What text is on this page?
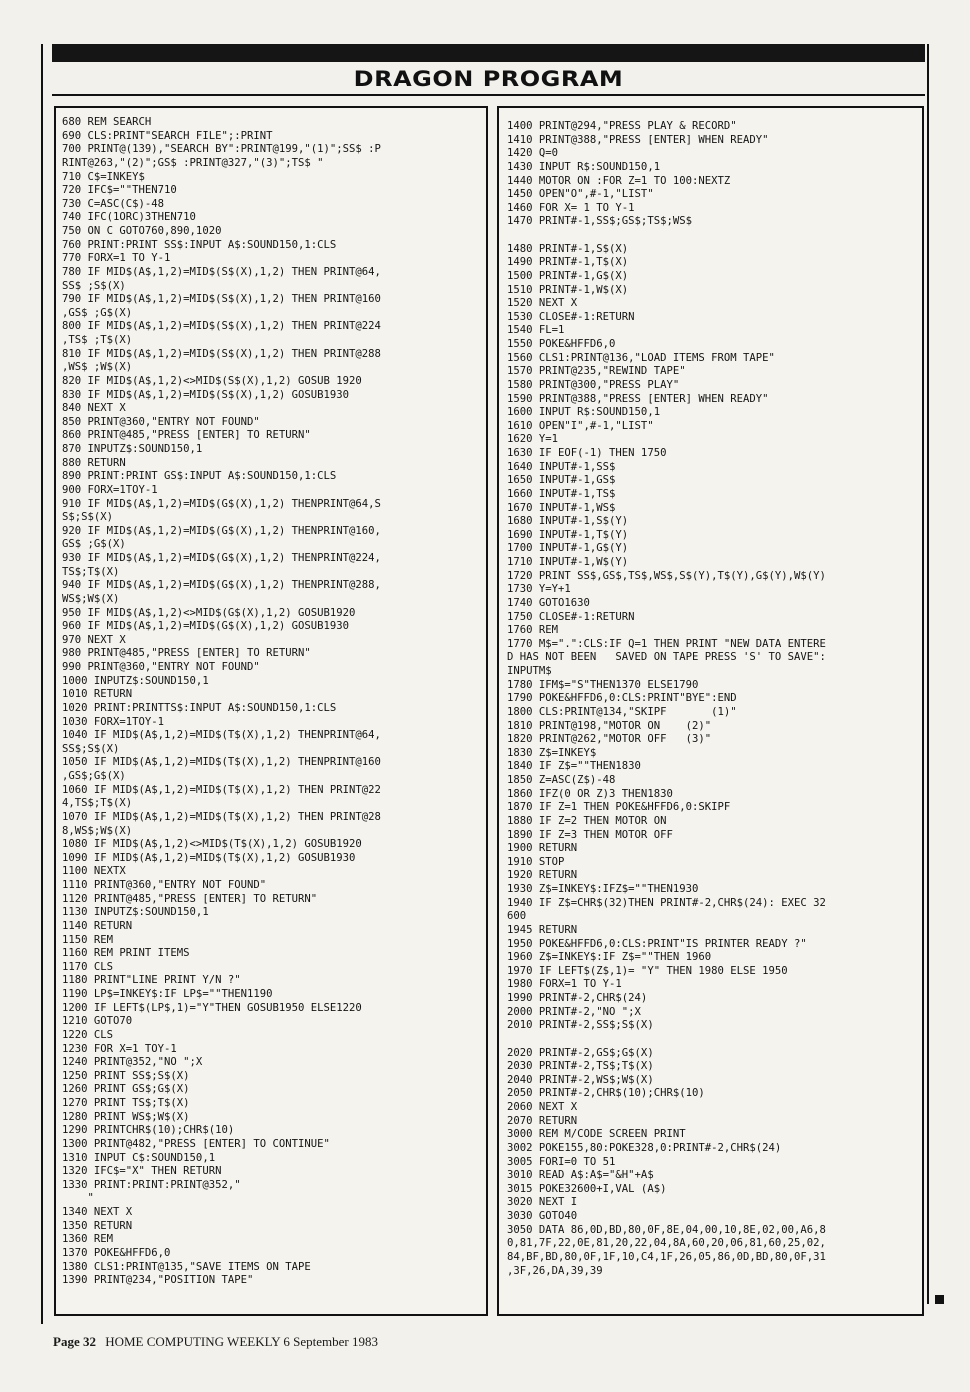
DRAGON PROGRAM
680 REM SEARCH
690 CLS:PRINT"SEARCH FILE";:PRINT
700 PRINT@(139),"SEARCH BY":PRINT@199,"(1)";SS$ :P
RINT@263,"(2)";GS$ :PRINT@327,"(3)";TS$ "
710 C$=INKEY$
720 IFC$=""THEN710
730 C=ASC(C$)-48
740 IFC(1ORC)3THEN710
750 ON C GOTO760,890,1020
760 PRINT:PRINT SS$:INPUT A$:SOUND150,1:CLS
770 FORX=1 TO Y-1
780 IF MID$(A$,1,2)=MID$(S$(X),1,2) THEN PRINT@64,
SS$ ;S$(X)
790 IF MID$(A$,1,2)=MID$(S$(X),1,2) THEN PRINT@160
,GS$ ;G$(X)
800 IF MID$(A$,1,2)=MID$(S$(X),1,2) THEN PRINT@224
,TS$ ;T$(X)
810 IF MID$(A$,1,2)=MID$(S$(X),1,2) THEN PRINT@288
,WS$ ;W$(X)
820 IF MID$(A$,1,2)<>MID$(S$(X),1,2) GOSUB 1920
830 IF MID$(A$,1,2)=MID$(S$(X),1,2) GOSUB1930
840 NEXT X
850 PRINT@360,"ENTRY NOT FOUND"
860 PRINT@485,"PRESS [ENTER] TO RETURN"
870 INPUTZ$:SOUND150,1
880 RETURN
890 PRINT:PRINT GS$:INPUT A$:SOUND150,1:CLS
900 FORX=1TOY-1
910 IF MID$(A$,1,2)=MID$(G$(X),1,2) THENPRINT@64,S
S$;S$(X)
920 IF MID$(A$,1,2)=MID$(G$(X),1,2) THENPRINT@160,
GS$ ;G$(X)
930 IF MID$(A$,1,2)=MID$(G$(X),1,2) THENPRINT@224,
TS$;T$(X)
940 IF MID$(A$,1,2)=MID$(G$(X),1,2) THENPRINT@288,
WS$;W$(X)
950 IF MID$(A$,1,2)<>MID$(G$(X),1,2) GOSUB1920
960 IF MID$(A$,1,2)=MID$(G$(X),1,2) GOSUB1930
970 NEXT X
980 PRINT@485,"PRESS [ENTER] TO RETURN"
990 PRINT@360,"ENTRY NOT FOUND"
1000 INPUTZ$:SOUND150,1
1010 RETURN
1020 PRINT:PRINTTS$:INPUT A$:SOUND150,1:CLS
1030 FORX=1TOY-1
1040 IF MID$(A$,1,2)=MID$(T$(X),1,2) THENPRINT@64,
SS$;S$(X)
1050 IF MID$(A$,1,2)=MID$(T$(X),1,2) THENPRINT@160
,GS$;G$(X)
1060 IF MID$(A$,1,2)=MID$(T$(X),1,2) THEN PRINT@22
4,TS$;T$(X)
1070 IF MID$(A$,1,2)=MID$(T$(X),1,2) THEN PRINT@28
8,WS$;W$(X)
1080 IF MID$(A$,1,2)<>MID$(T$(X),1,2) GOSUB1920
1090 IF MID$(A$,1,2)=MID$(T$(X),1,2) GOSUB1930
1100 NEXTX
1110 PRINT@360,"ENTRY NOT FOUND"
1120 PRINT@485,"PRESS [ENTER] TO RETURN"
1130 INPUTZ$:SOUND150,1
1140 RETURN
1150 REM
1160 REM PRINT ITEMS
1170 CLS
1180 PRINT"LINE PRINT Y/N ?"
1190 LP$=INKEY$:IF LP$=""THEN1190
1200 IF LEFT$(LP$,1)="Y"THEN GOSUB1950 ELSE1220
1210 GOTO70
1220 CLS
1230 FOR X=1 TOY-1
1240 PRINT@352,"NO ";X
1250 PRINT SS$;S$(X)
1260 PRINT GS$;G$(X)
1270 PRINT TS$;T$(X)
1280 PRINT WS$;W$(X)
1290 PRINTCHR$(10);CHR$(10)
1300 PRINT@482,"PRESS [ENTER] TO CONTINUE"
1310 INPUT C$:SOUND150,1
1320 IFC$="X" THEN RETURN
1330 PRINT:PRINT:PRINT@352,"
"
1340 NEXT X
1350 RETURN
1360 REM
1370 POKE&HFFD6,0
1380 CLS1:PRINT@135,"SAVE ITEMS ON TAPE
1390 PRINT@234,"POSITION TAPE"
1400 PRINT@294,"PRESS PLAY & RECORD"
1410 PRINT@388,"PRESS [ENTER] WHEN READY"
1420 Q=0
1430 INPUT R$:SOUND150,1
1440 MOTOR ON :FOR Z=1 TO 100:NEXTZ
1450 OPEN"O",#-1,"LIST"
1460 FOR X= 1 TO Y-1
1470 PRINT#-1,SS$;GS$;TS$;WS$
1480 PRINT#-1,S$(X)
1490 PRINT#-1,T$(X)
1500 PRINT#-1,G$(X)
1510 PRINT#-1,W$(X)
1520 NEXT X
1530 CLOSE#-1:RETURN
1540 FL=1
1550 POKE&HFFD6,0
1560 CLS1:PRINT@136,"LOAD ITEMS FROM TAPE"
1570 PRINT@235,"REWIND TAPE"
1580 PRINT@300,"PRESS PLAY"
1590 PRINT@388,"PRESS [ENTER] WHEN READY"
1600 INPUT R$:SOUND150,1
1610 OPEN"I",#-1,"LIST"
1620 Y=1
1630 IF EOF(-1) THEN 1750
1640 INPUT#-1,SS$
1650 INPUT#-1,GS$
1660 INPUT#-1,TS$
1670 INPUT#-1,WS$
1680 INPUT#-1,S$(Y)
1690 INPUT#-1,T$(Y)
1700 INPUT#-1,G$(Y)
1710 INPUT#-1,W$(Y)
1720 PRINT SS$,GS$,TS$,WS$,S$(Y),T$(Y),G$(Y),W$(Y)
1730 Y=Y+1
1740 GOTO1630
1750 CLOSE#-1:RETURN
1760 REM
1770 M$=".":CLS:IF Q=1 THEN PRINT "NEW DATA ENTERE
D HAS NOT BEEN   SAVED ON TAPE PRESS 'S' TO SAVE":
INPUTM$
1780 IFM$="S"THEN1370 ELSE1790
1790 POKE&HFFD6,0:CLS:PRINT"BYE":END
1800 CLS:PRINT@134,"SKIPF       (1)"
1810 PRINT@198,"MOTOR ON    (2)"
1820 PRINT@262,"MOTOR OFF   (3)"
1830 Z$=INKEY$
1840 IF Z$=""THEN1830
1850 Z=ASC(Z$)-48
1860 IFZ(0 OR Z)3 THEN1830
1870 IF Z=1 THEN POKE&HFFD6,0:SKIPF
1880 IF Z=2 THEN MOTOR ON
1890 IF Z=3 THEN MOTOR OFF
1900 RETURN
1910 STOP
1920 RETURN
1930 Z$=INKEY$:IFZ$=""THEN1930
1940 IF Z$=CHR$(32)THEN PRINT#-2,CHR$(24): EXEC 32
600
1945 RETURN
1950 POKE&HFFD6,0:CLS:PRINT"IS PRINTER READY ?"
1960 Z$=INKEY$:IF Z$=""THEN 1960
1970 IF LEFT$(Z$,1)= "Y" THEN 1980 ELSE 1950
1980 FORX=1 TO Y-1
1990 PRINT#-2,CHR$(24)
2000 PRINT#-2,"NO ";X
2010 PRINT#-2,SS$;S$(X)
2020 PRINT#-2,GS$;G$(X)
2030 PRINT#-2,TS$;T$(X)
2040 PRINT#-2,WS$;W$(X)
2050 PRINT#-2,CHR$(10);CHR$(10)
2060 NEXT X
2070 RETURN
3000 REM M/CODE SCREEN PRINT
3002 POKE155,80:POKE328,0:PRINT#-2,CHR$(24)
3005 FORI=0 TO 51
3010 READ A$:A$="&H"+A$
3015 POKE32600+I,VAL (A$)
3020 NEXT I
3030 GOTO40
3050 DATA 86,0D,BD,80,0F,8E,04,00,10,8E,02,00,A6,8
0,81,7F,22,0E,81,20,22,04,8A,60,20,06,81,60,25,02,
84,BF,BD,80,0F,1F,10,C4,1F,26,05,86,0D,BD,80,0F,31
,3F,26,DA,39,39
Page 32 HOME COMPUTING WEEKLY 6 September 1983
